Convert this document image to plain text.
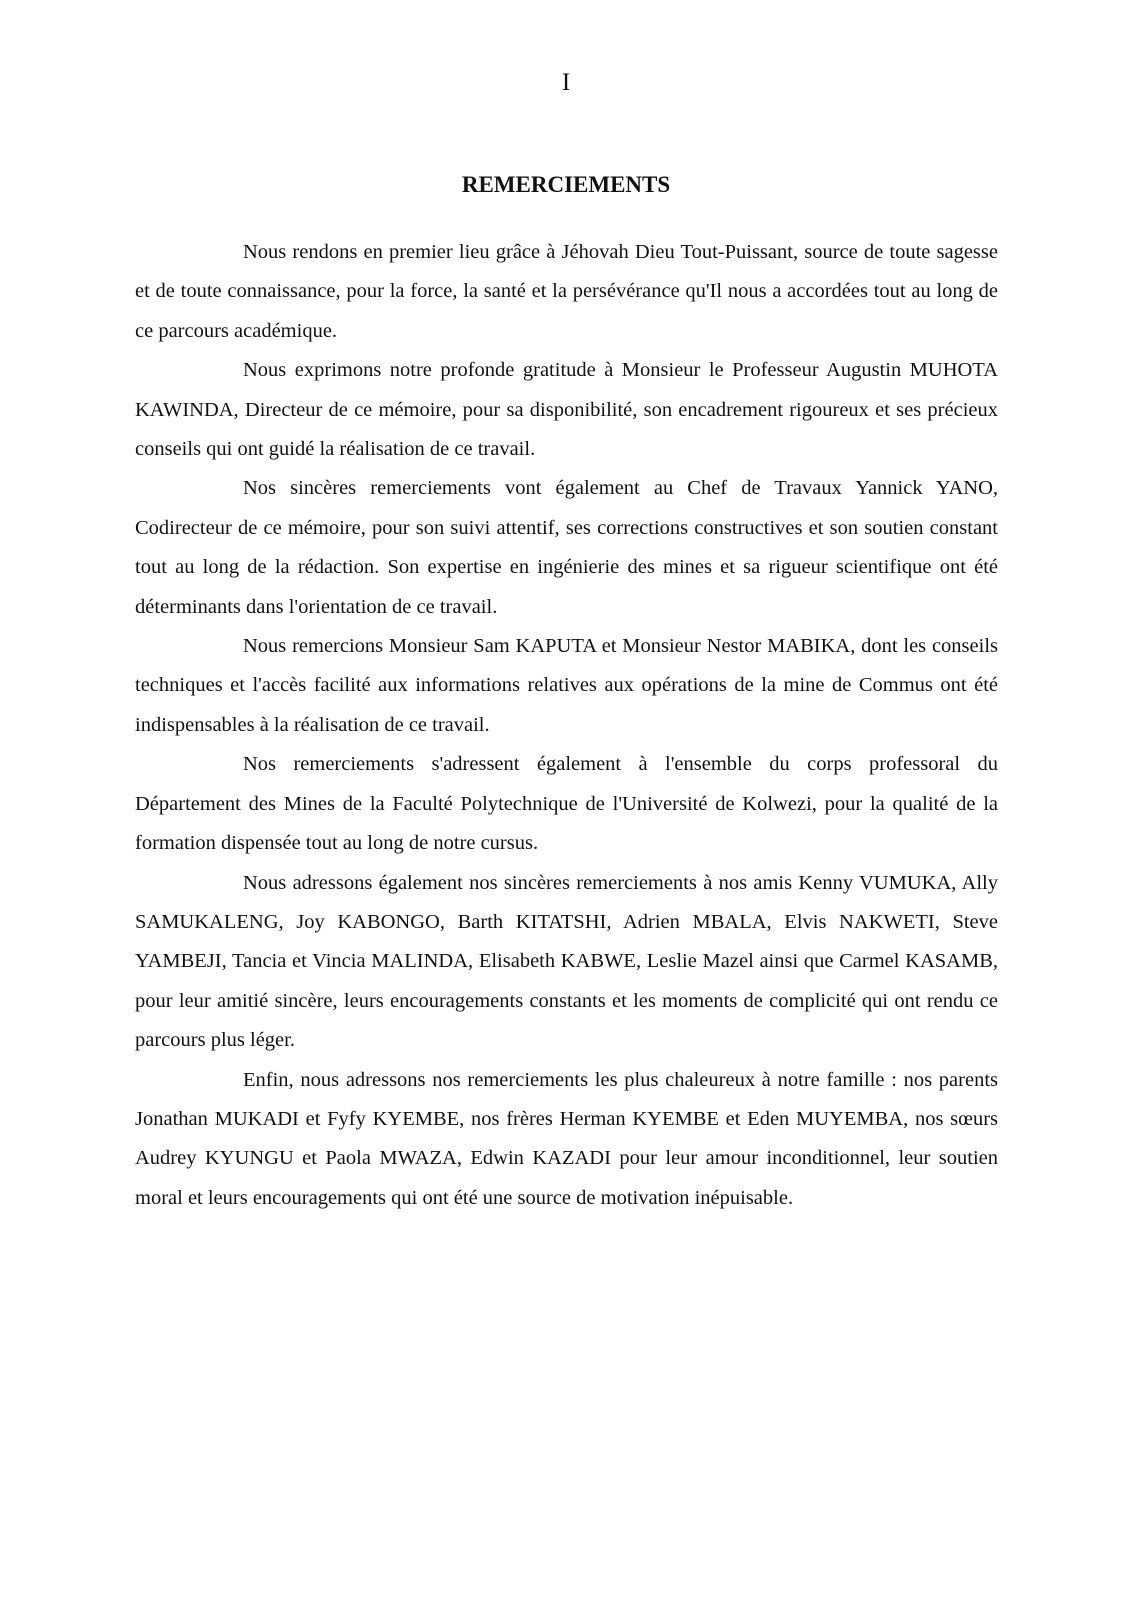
I
REMERCIEMENTS

Nous rendons en premier lieu grâce à Jéhovah Dieu Tout-Puissant, source de toute sagesse et de toute connaissance, pour la force, la santé et la persévérance qu'Il nous a accordées tout au long de ce parcours académique.

Nous exprimons notre profonde gratitude à Monsieur le Professeur Augustin MUHOTA KAWINDA, Directeur de ce mémoire, pour sa disponibilité, son encadrement rigoureux et ses précieux conseils qui ont guidé la réalisation de ce travail.

Nos sincères remerciements vont également au Chef de Travaux Yannick YANO, Codirecteur de ce mémoire, pour son suivi attentif, ses corrections constructives et son soutien constant tout au long de la rédaction. Son expertise en ingénierie des mines et sa rigueur scientifique ont été déterminants dans l'orientation de ce travail.

Nous remercions Monsieur Sam KAPUTA et Monsieur Nestor MABIKA, dont les conseils techniques et l'accès facilité aux informations relatives aux opérations de la mine de Commus ont été indispensables à la réalisation de ce travail.

Nos remerciements s'adressent également à l'ensemble du corps professoral du Département des Mines de la Faculté Polytechnique de l'Université de Kolwezi, pour la qualité de la formation dispensée tout au long de notre cursus.

Nous adressons également nos sincères remerciements à nos amis Kenny VUMUKA, Ally SAMUKALENG, Joy KABONGO, Barth KITATSHI, Adrien MBALA, Elvis NAKWETI, Steve YAMBEJI, Tancia et Vincia MALINDA, Elisabeth KABWE, Leslie Mazel ainsi que Carmel KASAMB, pour leur amitié sincère, leurs encouragements constants et les moments de complicité qui ont rendu ce parcours plus léger.

Enfin, nous adressons nos remerciements les plus chaleureux à notre famille : nos parents Jonathan MUKADI et Fyfy KYEMBE, nos frères Herman KYEMBE et Eden MUYEMBA, nos sœurs Audrey KYUNGU et Paola MWAZA, Edwin KAZADI pour leur amour inconditionnel, leur soutien moral et leurs encouragements qui ont été une source de motivation inépuisable.
